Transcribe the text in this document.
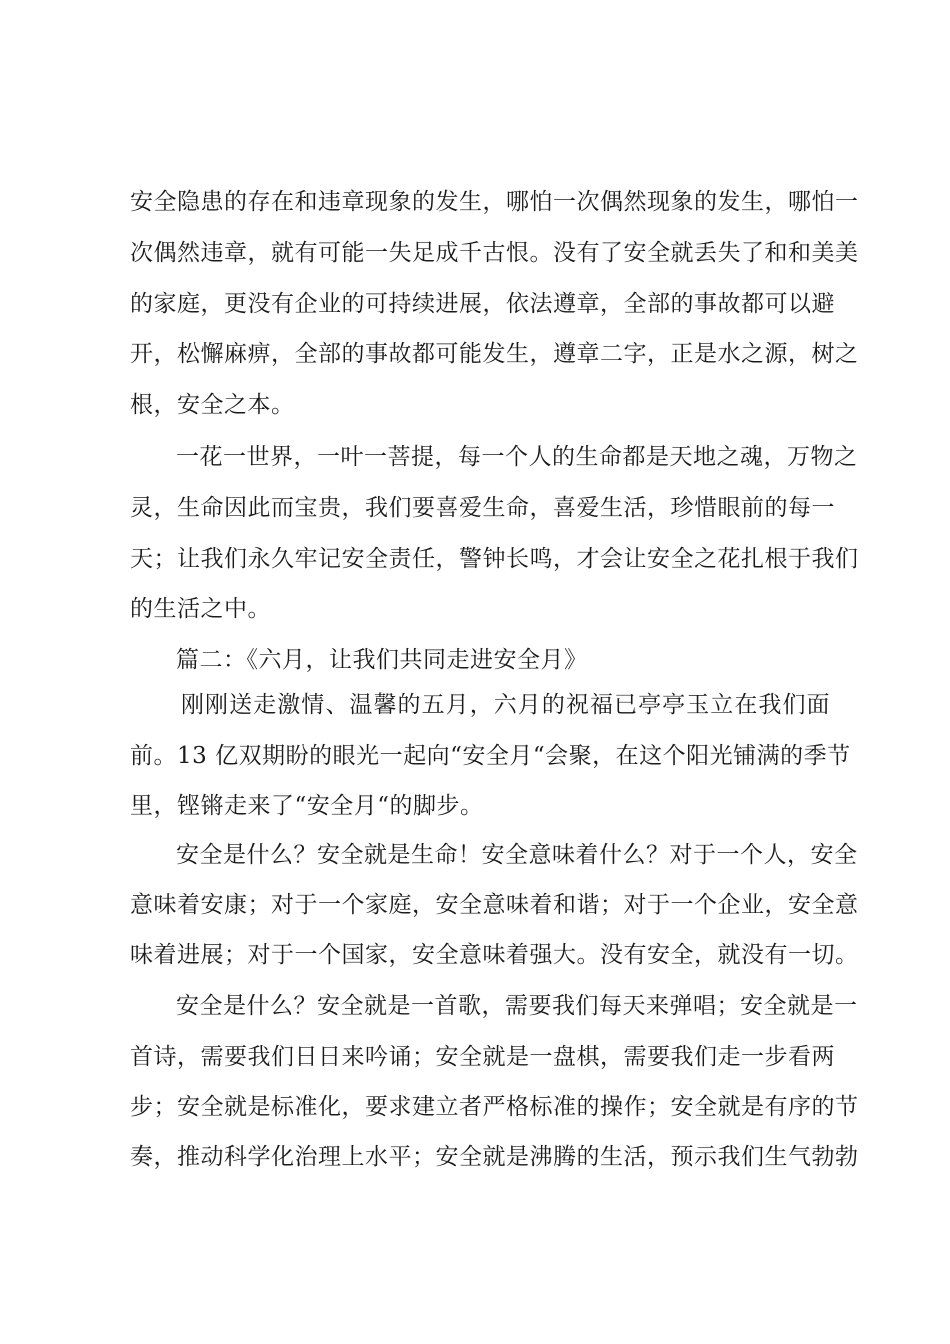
安全隐患的存在和违章现象的发生，哪怕一次偶然现象的发生，哪怕一
次偶然违章，就有可能一失足成千古恨。没有了安全就丢失了和和美美
的家庭，更没有企业的可持续进展，依法遵章，全部的事故都可以避
开，松懈麻痹，全部的事故都可能发生，遵章二字，正是水之源，树之
根，安全之本。
一花一世界，一叶一菩提，每一个人的生命都是天地之魂，万物之
灵，生命因此而宝贵，我们要喜爱生命，喜爱生活，珍惜眼前的每一
天；让我们永久牢记安全责任，警钟长鸣，才会让安全之花扎根于我们
的生活之中。
篇二：《六月，让我们共同走进安全月》
刚刚送走激情、温馨的五月，六月的祝福已亭亭玉立在我们面
前。13 亿双期盼的眼光一起向“安全月“会聚，在这个阳光铺满的季节
里，铿锵走来了“安全月“的脚步。
安全是什么？安全就是生命！安全意味着什么？对于一个人，安全
意味着安康；对于一个家庭，安全意味着和谐；对于一个企业，安全意
味着进展；对于一个国家，安全意味着强大。没有安全，就没有一切。
安全是什么？安全就是一首歌，需要我们每天来弹唱；安全就是一
首诗，需要我们日日来吟诵；安全就是一盘棋，需要我们走一步看两
步；安全就是标准化，要求建立者严格标准的操作；安全就是有序的节
奏，推动科学化治理上水平；安全就是沸腾的生活，预示我们生气勃勃
